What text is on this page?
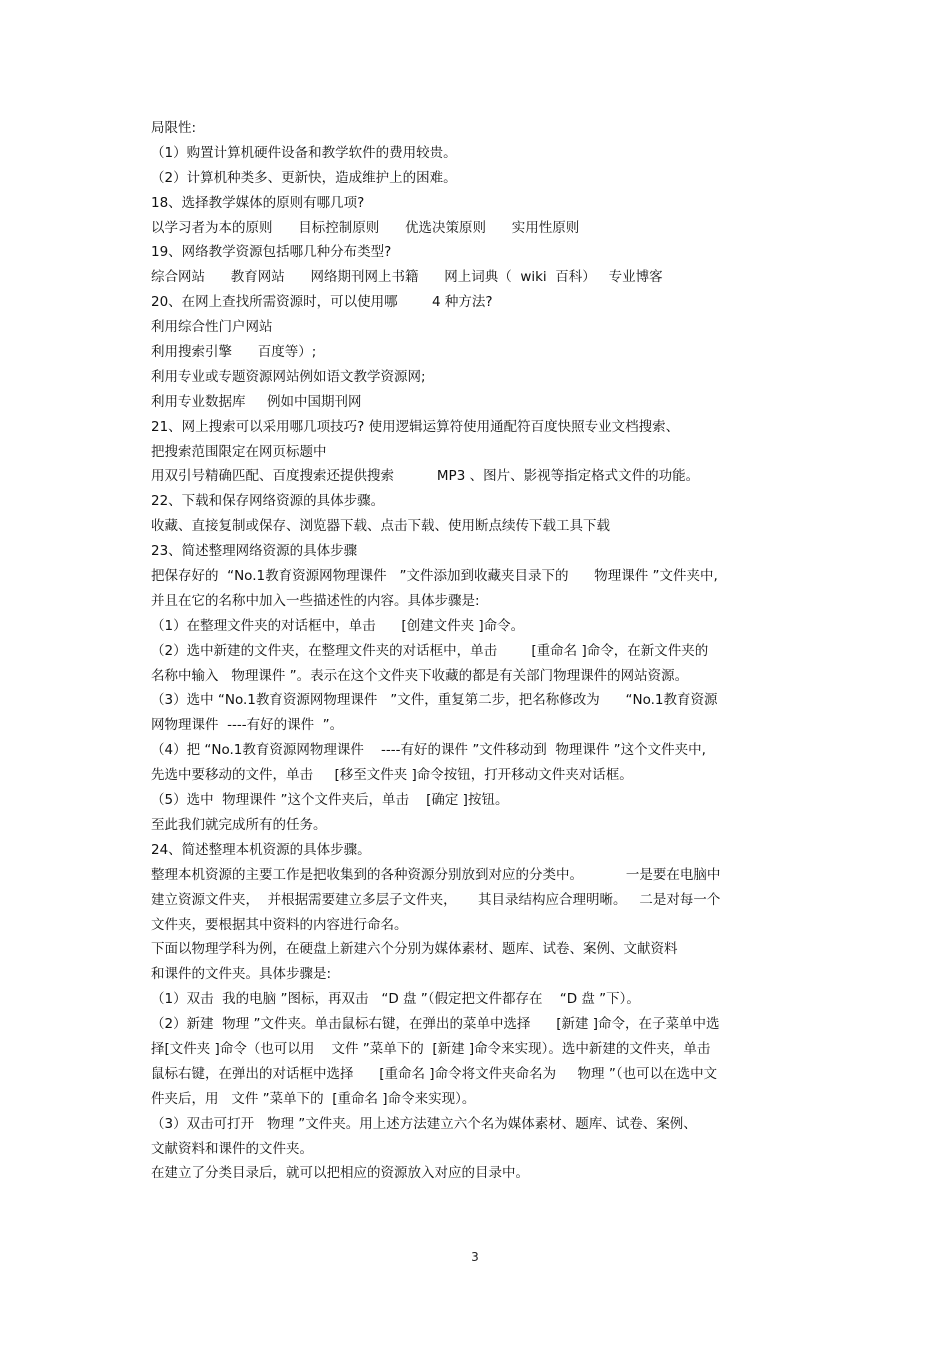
局限性:
（1）购置计算机硬件设备和教学软件的费用较贵。
（2）计算机种类多、更新快，造成维护上的困难。
18、选择教学媒体的原则有哪几项?
以学习者为本的原则      目标控制原则      优选决策原则      实用性原则
19、网络教学资源包括哪几种分布类型?
综合网站      教育网站      网络期刊网上书籍      网上词典（  wiki  百科）   专业博客
20、在网上查找所需资源时，可以使用哪        4 种方法?
利用综合性门户网站
利用搜索引擎      百度等）;
利用专业或专题资源网站例如语文教学资源网;
利用专业数据库     例如中国期刊网
21、网上搜索可以采用哪几项技巧? 使用逻辑运算符使用通配符百度快照专业文档搜索、
把搜索范围限定在网页标题中
用双引号精确匹配、百度搜索还提供搜索          MP3 、图片、影视等指定格式文件的功能。
22、下载和保存网络资源的具体步骤。
收藏、直接复制或保存、浏览器下载、点击下载、使用断点续传下载工具下载
23、简述整理网络资源的具体步骤
把保存好的  “No.1教育资源网物理课件   ”文件添加到收藏夹目录下的      物理课件 ”文件夹中,
并且在它的名称中加入一些描述性的内容。具体步骤是:
（1）在整理文件夹的对话框中，单击      [创建文件夹 ]命令。
（2）选中新建的文件夹，在整理文件夹的对话框中，单击        [重命名 ]命令，在新文件夹的
名称中输入   物理课件 ”。表示在这个文件夹下收藏的都是有关部门物理课件的网站资源。
（3）选中 “No.1教育资源网物理课件   ”文件，重复第二步，把名称修改为      “No.1教育资源
网物理课件  ----有好的课件  ”。
（4）把 “No.1教育资源网物理课件    ----有好的课件 ”文件移动到  物理课件 ”这个文件夹中,
先选中要移动的文件，单击     [移至文件夹 ]命令按钮，打开移动文件夹对话框。
（5）选中  物理课件 ”这个文件夹后，单击    [确定 ]按钮。
至此我们就完成所有的任务。
24、简述整理本机资源的具体步骤。
整理本机资源的主要工作是把收集到的各种资源分别放到对应的分类中。          一是要在电脑中
建立资源文件夹，  并根据需要建立多层子文件夹，     其目录结构应合理明晰。   二是对每一个
文件夹，要根据其中资料的内容进行命名。
下面以物理学科为例，在硬盘上新建六个分别为媒体素材、题库、试卷、案例、文献资料
和课件的文件夹。具体步骤是:
（1）双击  我的电脑 ”图标，再双击   “D 盘 ”（假定把文件都存在    “D 盘 ”下）。
（2）新建  物理 ”文件夹。单击鼠标右键，在弹出的菜单中选择      [新建 ]命令，在子菜单中选
择[文件夹 ]命令（也可以用    文件 ”菜单下的  [新建 ]命令来实现）。选中新建的文件夹，单击
鼠标右键，在弹出的对话框中选择      [重命名 ]命令将文件夹命名为     物理 ”（也可以在选中文
件夹后，用   文件 ”菜单下的  [重命名 ]命令来实现）。
（3）双击可打开   物理 ”文件夹。用上述方法建立六个名为媒体素材、题库、试卷、案例、
文献资料和课件的文件夹。
在建立了分类目录后，就可以把相应的资源放入对应的目录中。
3
